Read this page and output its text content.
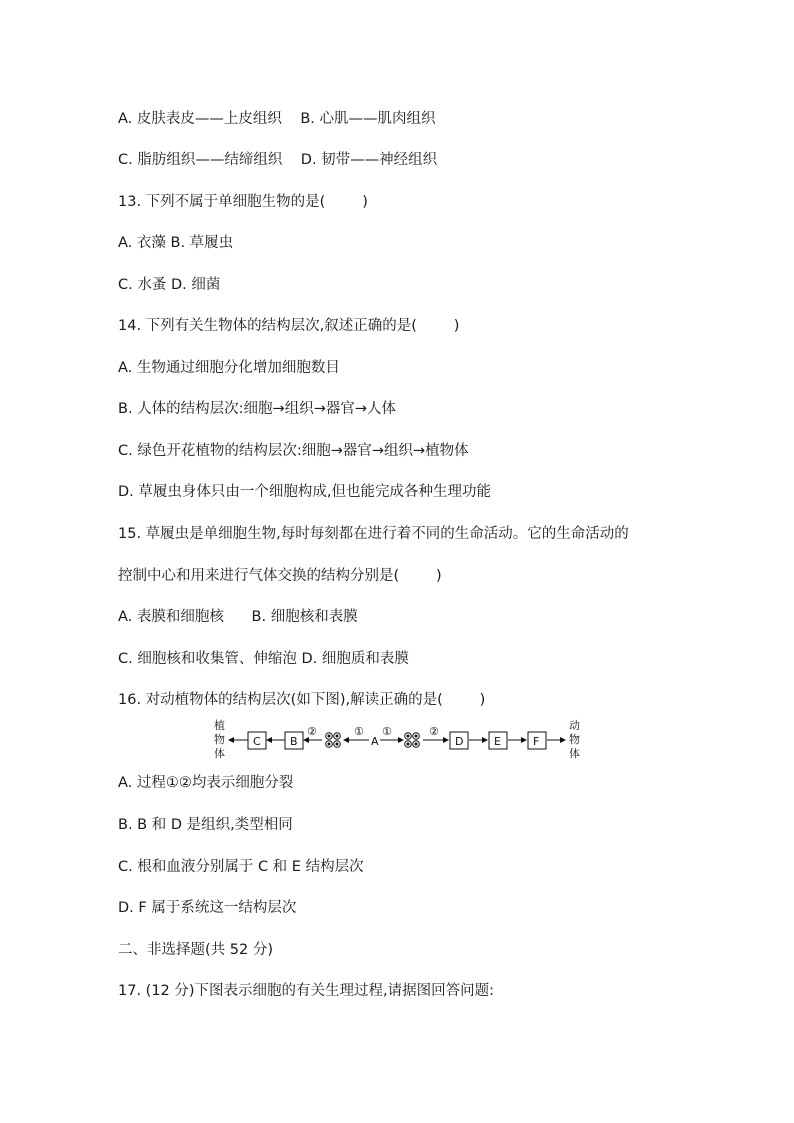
A. 皮肤表皮——上皮组织    B. 心肌——肌肉组织
C. 脂肪组织——结缔组织    D. 韧带——神经组织
13. 下列不属于单细胞生物的是(        )
A. 衣藻 B. 草履虫
C. 水蚤 D. 细菌
14. 下列有关生物体的结构层次,叙述正确的是(        )
A. 生物通过细胞分化增加细胞数目
B. 人体的结构层次:细胞→组织→器官→人体
C. 绿色开花植物的结构层次:细胞→器官→组织→植物体
D. 草履虫身体只由一个细胞构成,但也能完成各种生理功能
15. 草履虫是单细胞生物,每时每刻都在进行着不同的生命活动。它的生命活动的
控制中心和用来进行气体交换的结构分别是(        )
A. 表膜和细胞核      B. 细胞核和表膜
C. 细胞核和收集管、伸缩泡 D. 细胞质和表膜
16. 对动植物体的结构层次(如下图),解读正确的是(        )
植
物
体
C	B
②	①
A
①	②
D	E	F
动
物
体
A. 过程①②均表示细胞分裂
B. B 和 D 是组织,类型相同
C. 根和血液分别属于 C 和 E 结构层次
D. F 属于系统这一结构层次
二、非选择题(共 52 分)
17. (12 分)下图表示细胞的有关生理过程,请据图回答问题:
